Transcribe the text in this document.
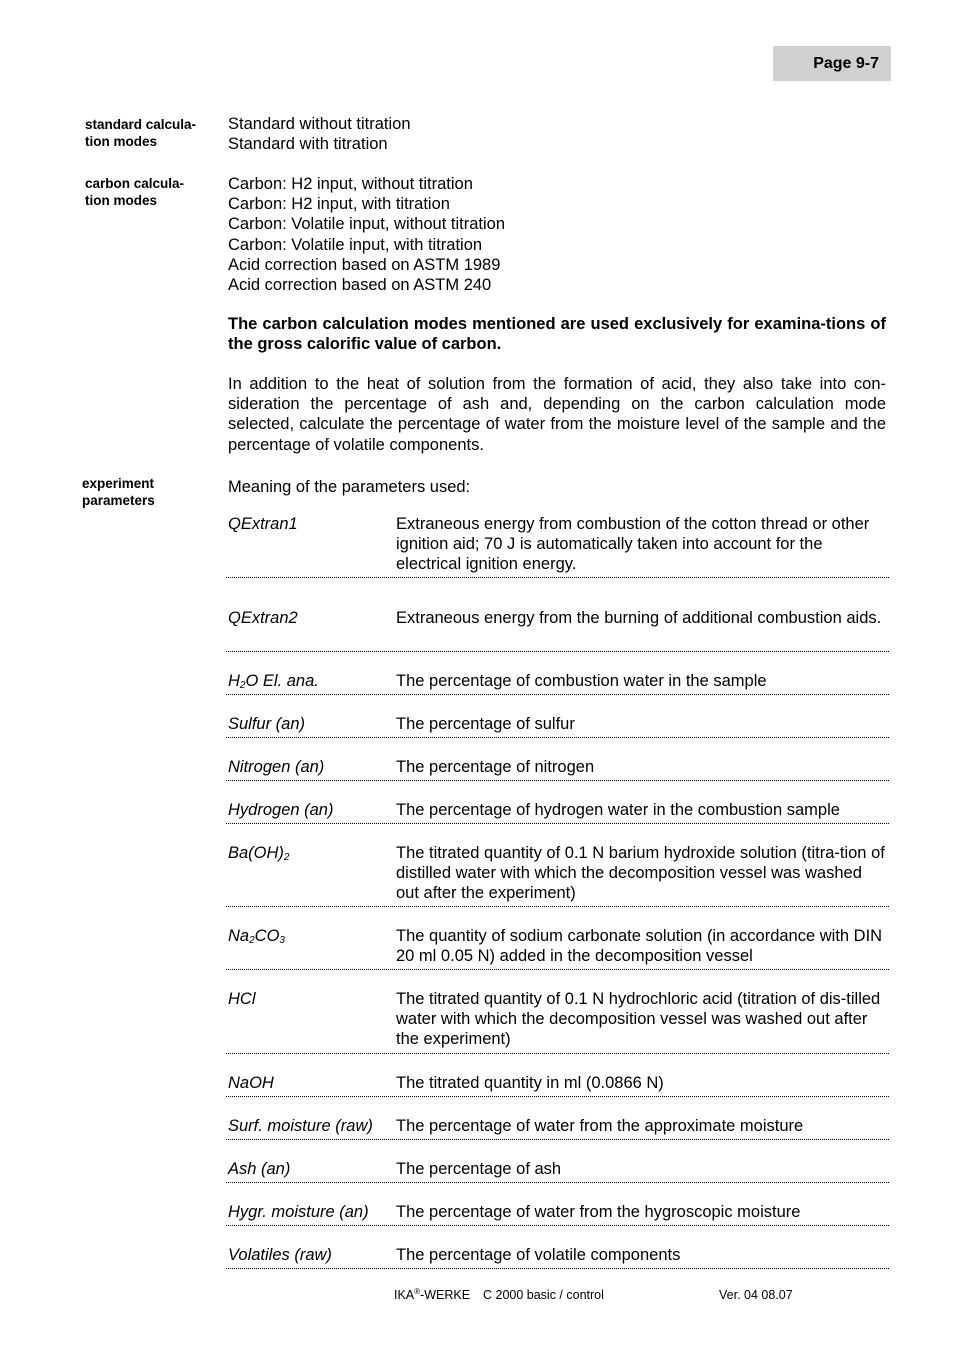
Page 9-7
standard calcula-
tion modes

Standard without titration

Standard with titration

carbon calcula-
tion modes

Carbon: H2 input, without titration

Carbon: H2 input, with titration

Carbon: Volatile input, without titration

Carbon: Volatile input, with titration

Acid correction based on ASTM 1989

Acid correction based on ASTM 240

The carbon calculation modes mentioned are used exclusively for examina-tions of the gross calorific value of carbon.
In addition to the heat of solution from the formation of acid, they also take into con-sideration the percentage of ash and, depending on the carbon calculation mode selected, calculate the percentage of water from the moisture level of the sample and the percentage of volatile components.
experiment
parameters
Meaning of the parameters used:
QExtran1	Extraneous energy from combustion of the cotton thread or other ignition aid; 70 J is automatically taken into account for the electrical ignition energy.
QExtran2	Extraneous energy from the burning of additional combustion aids.
$H_2O$ El. ana.	The percentage of combustion water in the sample
Sulfur (an)	The percentage of sulfur
Nitrogen (an)	The percentage of nitrogen
Hydrogen (an)	The percentage of hydrogen water in the combustion sample
$Ba(OH)_2$	The titrated quantity of 0.1 N barium hydroxide solution (titra-tion of distilled water with which the decomposition vessel was washed out after the experiment)
$Na_2CO_3$	The quantity of sodium carbonate solution (in accordance with DIN 20 ml 0.05 N) added in the decomposition vessel
HCl	The titrated quantity of 0.1 N hydrochloric acid (titration of dis-tilled water with which the decomposition vessel was washed out after the experiment)
NaOH	The titrated quantity in ml (0.0866 N)
Surf. moisture (raw)	The percentage of water from the approximate moisture
Ash (an)	The percentage of ash
Hygr. moisture (an)	The percentage of water from the hygroscopic moisture
Volatiles (raw)	The percentage of volatile components
IKA®-WERKE C 2000 basic / control	Ver. 04 08.07
